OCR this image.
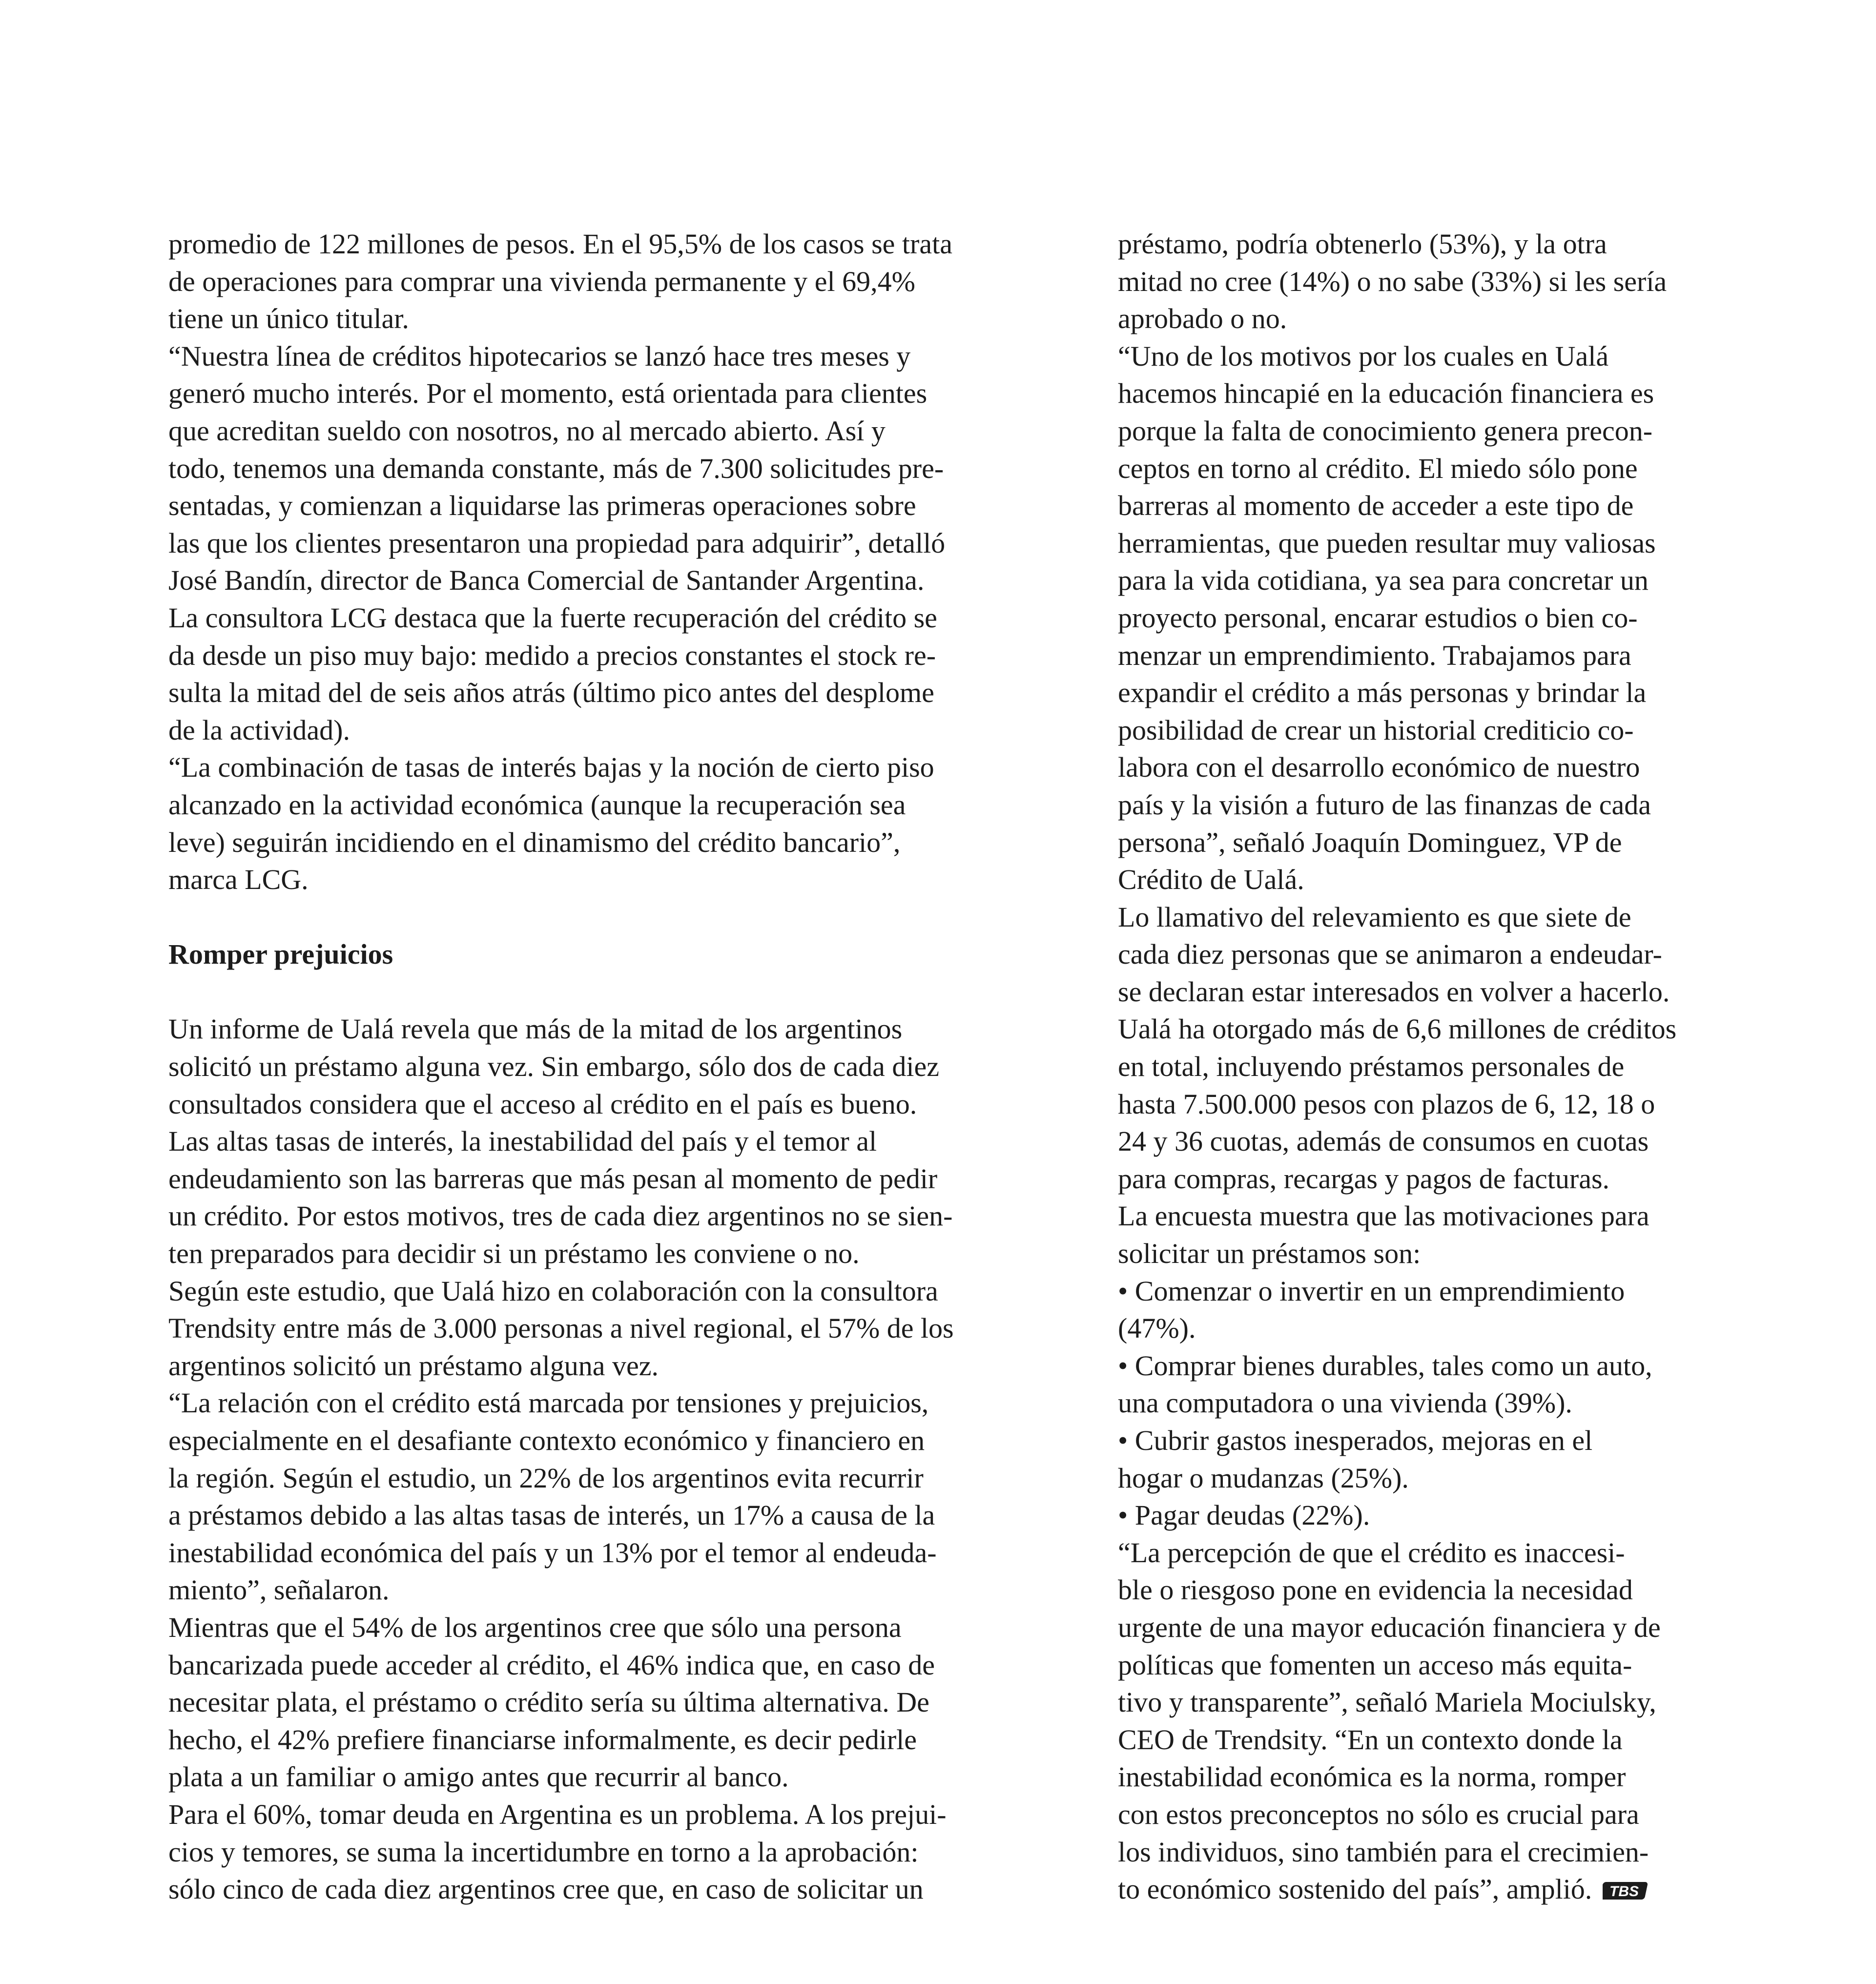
promedio de 122 millones de pesos. En el 95,5% de los casos se trata
de operaciones para comprar una vivienda permanente y el 69,4%
tiene un único titular.
“Nuestra línea de créditos hipotecarios se lanzó hace tres meses y
generó mucho interés. Por el momento, está orientada para clientes
que acreditan sueldo con nosotros, no al mercado abierto. Así y
todo, tenemos una demanda constante, más de 7.300 solicitudes pre-
sentadas, y comienzan a liquidarse las primeras operaciones sobre
las que los clientes presentaron una propiedad para adquirir”, detalló
José Bandín, director de Banca Comercial de Santander Argentina.
La consultora LCG destaca que la fuerte recuperación del crédito se
da desde un piso muy bajo: medido a precios constantes el stock re-
sulta la mitad del de seis años atrás (último pico antes del desplome
de la actividad).
“La combinación de tasas de interés bajas y la noción de cierto piso
alcanzado en la actividad económica (aunque la recuperación sea
leve) seguirán incidiendo en el dinamismo del crédito bancario”,
marca LCG.
Romper prejuicios
Un informe de Ualá revela que más de la mitad de los argentinos
solicitó un préstamo alguna vez. Sin embargo, sólo dos de cada diez
consultados considera que el acceso al crédito en el país es bueno.
Las altas tasas de interés, la inestabilidad del país y el temor al
endeudamiento son las barreras que más pesan al momento de pedir
un crédito. Por estos motivos, tres de cada diez argentinos no se sien-
ten preparados para decidir si un préstamo les conviene o no.
Según este estudio, que Ualá hizo en colaboración con la consultora
Trendsity entre más de 3.000 personas a nivel regional, el 57% de los
argentinos solicitó un préstamo alguna vez.
“La relación con el crédito está marcada por tensiones y prejuicios,
especialmente en el desafiante contexto económico y financiero en
la región. Según el estudio, un 22% de los argentinos evita recurrir
a préstamos debido a las altas tasas de interés, un 17% a causa de la
inestabilidad económica del país y un 13% por el temor al endeuda-
miento”, señalaron.
Mientras que el 54% de los argentinos cree que sólo una persona
bancarizada puede acceder al crédito, el 46% indica que, en caso de
necesitar plata, el préstamo o crédito sería su última alternativa. De
hecho, el 42% prefiere financiarse informalmente, es decir pedirle
plata a un familiar o amigo antes que recurrir al banco.
Para el 60%, tomar deuda en Argentina es un problema. A los prejui-
cios y temores, se suma la incertidumbre en torno a la aprobación:
sólo cinco de cada diez argentinos cree que, en caso de solicitar un
préstamo, podría obtenerlo (53%), y la otra
mitad no cree (14%) o no sabe (33%) si les sería
aprobado o no.
“Uno de los motivos por los cuales en Ualá
hacemos hincapié en la educación financiera es
porque la falta de conocimiento genera precon-
ceptos en torno al crédito. El miedo sólo pone
barreras al momento de acceder a este tipo de
herramientas, que pueden resultar muy valiosas
para la vida cotidiana, ya sea para concretar un
proyecto personal, encarar estudios o bien co-
menzar un emprendimiento. Trabajamos para
expandir el crédito a más personas y brindar la
posibilidad de crear un historial crediticio co-
labora con el desarrollo económico de nuestro
país y la visión a futuro de las finanzas de cada
persona”, señaló Joaquín Dominguez, VP de
Crédito de Ualá.
Lo llamativo del relevamiento es que siete de
cada diez personas que se animaron a endeudar-
se declaran estar interesados en volver a hacerlo.
Ualá ha otorgado más de 6,6 millones de créditos
en total, incluyendo préstamos personales de
hasta 7.500.000 pesos con plazos de 6, 12, 18 o
24 y 36 cuotas, además de consumos en cuotas
para compras, recargas y pagos de facturas.
La encuesta muestra que las motivaciones para
solicitar un préstamos son:
• Comenzar o invertir en un emprendimiento
(47%).
• Comprar bienes durables, tales como un auto,
una computadora o una vivienda (39%).
• Cubrir gastos inesperados, mejoras en el
hogar o mudanzas (25%).
• Pagar deudas (22%).
“La percepción de que el crédito es inaccesi-
ble o riesgoso pone en evidencia la necesidad
urgente de una mayor educación financiera y de
políticas que fomenten un acceso más equita-
tivo y transparente”, señaló Mariela Mociulsky,
CEO de Trendsity. “En un contexto donde la
inestabilidad económica es la norma, romper
con estos preconceptos no sólo es crucial para
los individuos, sino también para el crecimien-
to económico sostenido del país”, amplió. TBS
